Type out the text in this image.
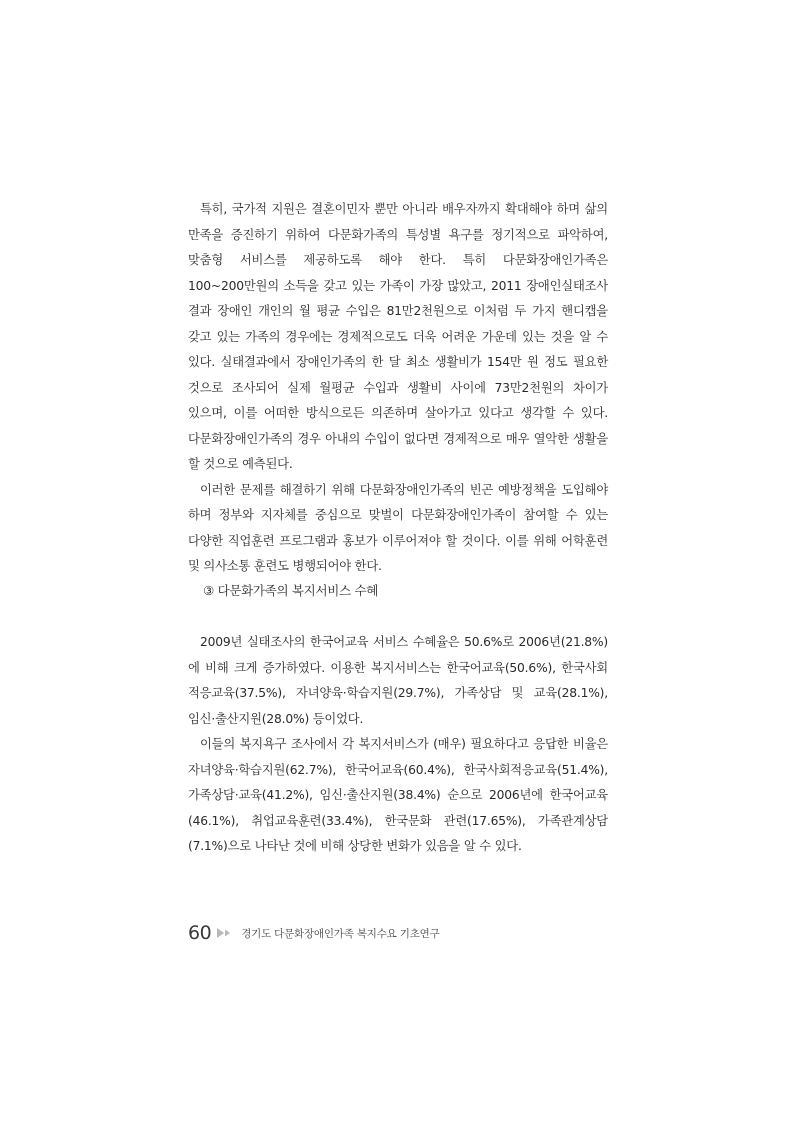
특히, 국가적 지원은 결혼이민자 뿐만 아니라 배우자까지 확대해야 하며 삶의 만족을 증진하기 위하여 다문화가족의 특성별 욕구를 정기적으로 파악하여, 맞춤형 서비스를 제공하도록 해야 한다. 특히 다문화장애인가족은 100~200만원의 소득을 갖고 있는 가족이 가장 많았고, 2011 장애인실태조사 결과 장애인 개인의 월 평균 수입은 81만2천원으로 이처럼 두 가지 핸디캡을 갖고 있는 가족의 경우에는 경제적으로도 더욱 어려운 가운데 있는 것을 알 수 있다. 실태결과에서 장애인가족의 한 달 최소 생활비가 154만 원 정도 필요한 것으로 조사되어 실제 월평균 수입과 생활비 사이에 73만2천원의 차이가 있으며, 이를 어떠한 방식으로든 의존하며 살아가고 있다고 생각할 수 있다. 다문화장애인가족의 경우 아내의 수입이 없다면 경제적으로 매우 열악한 생활을 할 것으로 예측된다.

이러한 문제를 해결하기 위해 다문화장애인가족의 빈곤 예방정책을 도입해야 하며 정부와 지자체를 중심으로 맞벌이 다문화장애인가족이 참여할 수 있는 다양한 직업훈련 프로그램과 홍보가 이루어져야 할 것이다. 이를 위해 어학훈련 및 의사소통 훈련도 병행되어야 한다.

③ 다문화가족의 복지서비스 수혜

2009년 실태조사의 한국어교육 서비스 수혜율은 50.6%로 2006년(21.8%)에 비해 크게 증가하였다. 이용한 복지서비스는 한국어교육(50.6%), 한국사회 적응교육(37.5%), 자녀양육·학습지원(29.7%), 가족상담 및 교육(28.1%), 임신·출산지원(28.0%) 등이었다.

이들의 복지욕구 조사에서 각 복지서비스가 (매우) 필요하다고 응답한 비율은 자녀양육·학습지원(62.7%), 한국어교육(60.4%), 한국사회적응교육(51.4%), 가족상담·교육(41.2%), 임신·출산지원(38.4%) 순으로 2006년에 한국어교육(46.1%), 취업교육훈련(33.4%), 한국문화 관련(17.65%), 가족관계상담(7.1%)으로 나타난 것에 비해 상당한 변화가 있음을 알 수 있다.

60	경기도 다문화장애인가족 복지수요 기초연구
